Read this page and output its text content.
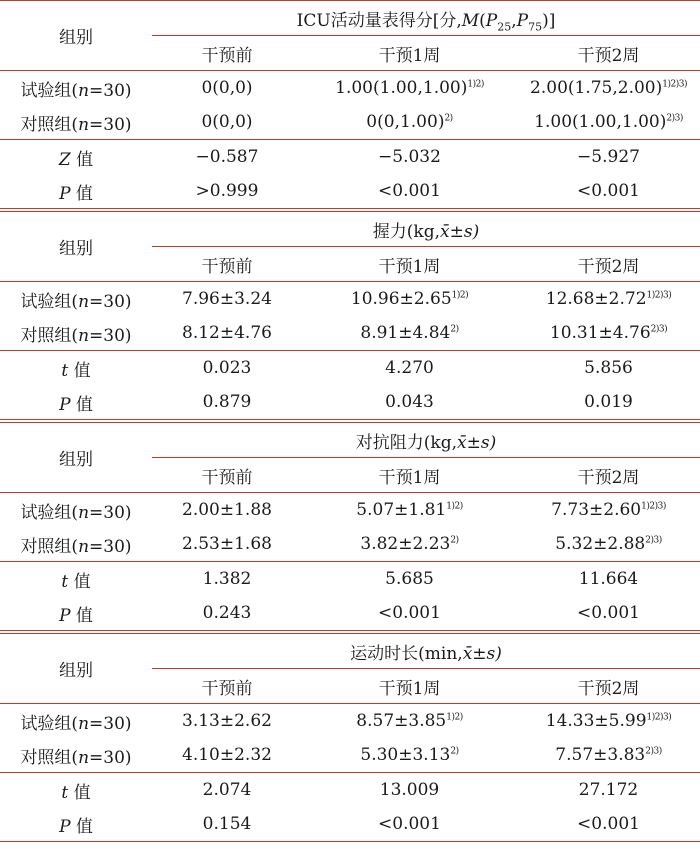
组别	ICU活动量表得分[分$,M(P_{25},P_{75})$]		
	干预前	干预1周	干预2周
试验组(n=30)	0(0,0)	$1.00(1.00,1.00)^{1)2)}$	$2.00(1.75,2.00)^{1)2)3)}$
对照组(n=30)	0(0,0)	$0(0,1.00)^{2)}$	$1.00(1.00,1.00)^{2)3)}$
Z 值	−0.587	−5.032	−5.927
P 值	>0.999	<0.001	<0.001
组别	握力(kg,x̄±s)		
	干预前	干预1周	干预2周
试验组(n=30)	7.96±3.24	$10.96\pm 2.65^{1)2)}$	$12.68\pm 2.72^{1)2)3)}$
对照组(n=30)	8.12±4.76	$8.91\pm 4.84^{2)}$	$10.31\pm 4.76^{2)3)}$
t 值	0.023	4.270	5.856
P 值	0.879	0.043	0.019
组别	对抗阻力(kg,x̄±s)		
	干预前	干预1周	干预2周
试验组(n=30)	2.00±1.88	$5.07\pm 1.81^{1)2)}$	$7.73\pm 2.60^{1)2)3)}$
对照组(n=30)	2.53±1.68	$3.82\pm 2.23^{2)}$	$5.32\pm 2.88^{2)3)}$
t 值	1.382	5.685	11.664
P 值	0.243	<0.001	<0.001
组别	运动时长(min,x̄±s)		
	干预前	干预1周	干预2周
试验组(n=30)	3.13±2.62	$8.57\pm 3.85^{1)2)}$	$14.33\pm 5.99^{1)2)3)}$
对照组(n=30)	4.10±2.32	$5.30\pm 3.13^{2)}$	$7.57\pm 3.83^{2)3)}$
t 值	2.074	13.009	27.172
P 值	0.154	<0.001	<0.001
